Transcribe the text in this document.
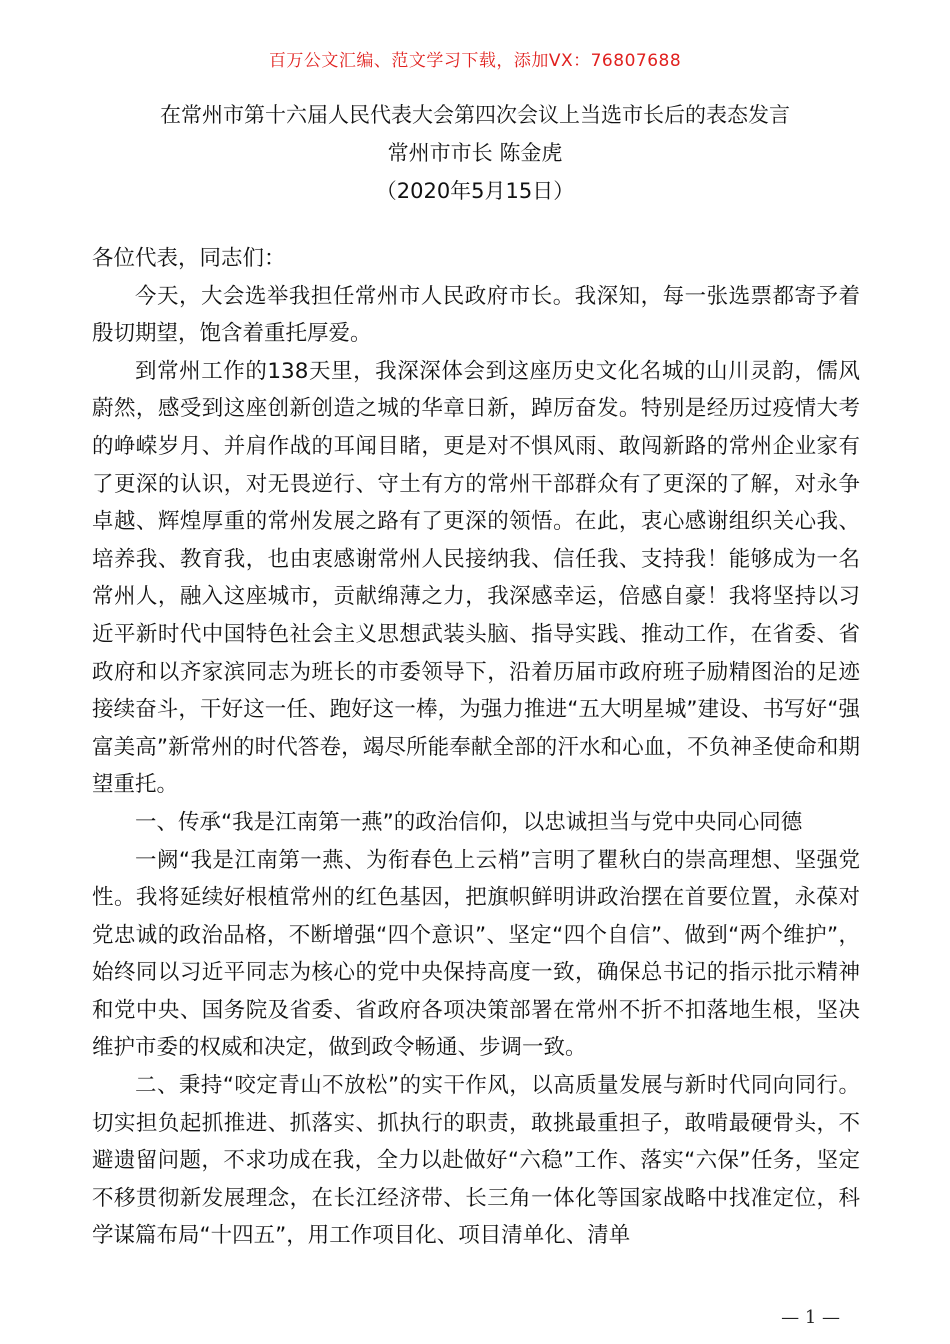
百万公文汇编、范文学习下载，添加VX：76807688

在常州市第十六届人民代表大会第四次会议上当选市长后的表态发言

常州市市长 陈金虎

（2020年5月15日）

各位代表，同志们：

今天，大会选举我担任常州市人民政府市长。我深知，每一张选票都寄予着殷切期望，饱含着重托厚爱。

到常州工作的138天里，我深深体会到这座历史文化名城的山川灵韵，儒风蔚然，感受到这座创新创造之城的华章日新，踔厉奋发。特别是经历过疫情大考的峥嵘岁月、并肩作战的耳闻目睹，更是对不惧风雨、敢闯新路的常州企业家有了更深的认识，对无畏逆行、守土有方的常州干部群众有了更深的了解，对永争卓越、辉煌厚重的常州发展之路有了更深的领悟。在此，衷心感谢组织关心我、培养我、教育我，也由衷感谢常州人民接纳我、信任我、支持我！能够成为一名常州人，融入这座城市，贡献绵薄之力，我深感幸运，倍感自豪！我将坚持以习近平新时代中国特色社会主义思想武装头脑、指导实践、推动工作，在省委、省政府和以齐家滨同志为班长的市委领导下，沿着历届市政府班子励精图治的足迹接续奋斗，干好这一任、跑好这一棒，为强力推进“五大明星城”建设、书写好“强富美高”新常州的时代答卷，竭尽所能奉献全部的汗水和心血，不负神圣使命和期望重托。

一、传承“我是江南第一燕”的政治信仰，以忠诚担当与党中央同心同德

一阙“我是江南第一燕、为衔春色上云梢”言明了瞿秋白的崇高理想、坚强党性。我将延续好根植常州的红色基因，把旗帜鲜明讲政治摆在首要位置，永葆对党忠诚的政治品格，不断增强“四个意识”、坚定“四个自信”、做到“两个维护”，始终同以习近平同志为核心的党中央保持高度一致，确保总书记的指示批示精神和党中央、国务院及省委、省政府各项决策部署在常州不折不扣落地生根，坚决维护市委的权威和决定，做到政令畅通、步调一致。

二、秉持“咬定青山不放松”的实干作风，以高质量发展与新时代同向同行。切实担负起抓推进、抓落实、抓执行的职责，敢挑最重担子，敢啃最硬骨头，不避遗留问题，不求功成在我，全力以赴做好“六稳”工作、落实“六保”任务，坚定不移贯彻新发展理念，在长江经济带、长三角一体化等国家战略中找准定位，科学谋篇布局“十四五”，用工作项目化、项目清单化、清单

— 1 —
